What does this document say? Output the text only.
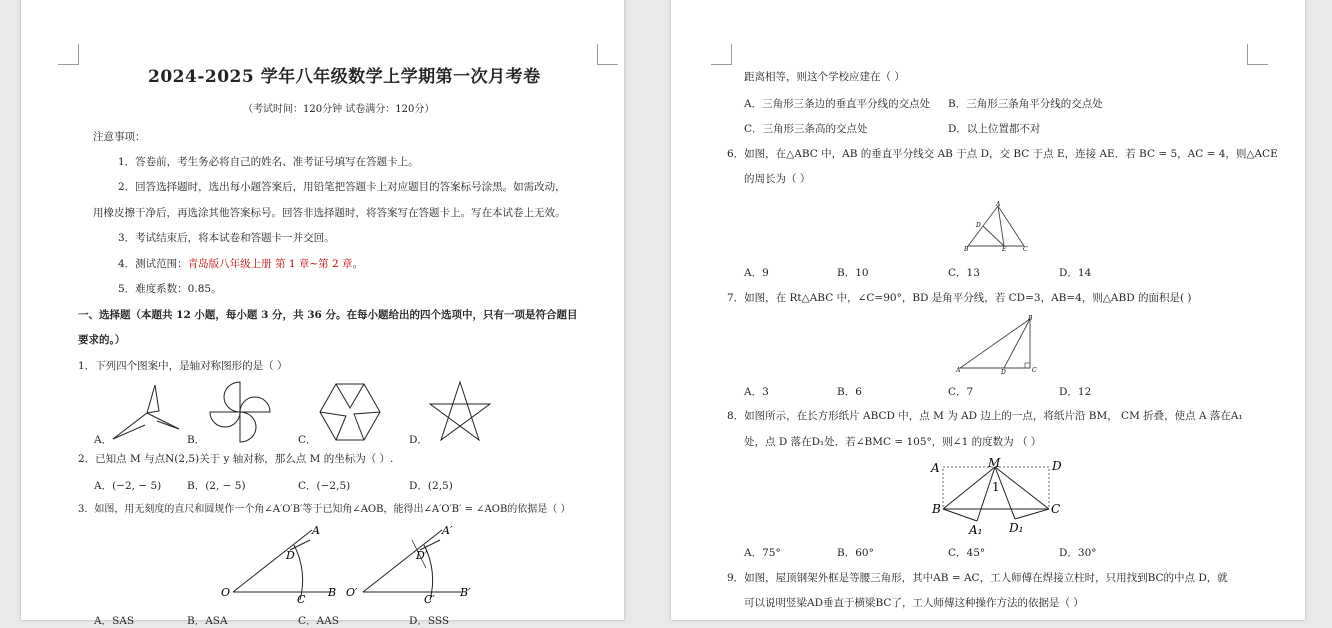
2024-2025 学年八年级数学上学期第一次月考卷
（考试时间：120分钟 试卷满分：120分）
注意事项：
1．答卷前，考生务必将自己的姓名、准考证号填写在答题卡上。
2．回答选择题时，选出每小题答案后，用铅笔把答题卡上对应题目的答案标号涂黑。如需改动，
用橡皮擦干净后，再选涂其他答案标号。回答非选择题时，将答案写在答题卡上。写在本试卷上无效。
3．考试结束后，将本试卷和答题卡一并交回。
4．测试范围：青岛版八年级上册 第 1 章~第 2 章。
5．难度系数：0.85。
一、选择题（本题共 12 小题，每小题 3 分，共 36 分。在每小题给出的四个选项中，只有一项是符合题目
要求的。）
1．下列四个图案中，是轴对称图形的是（ ）
A．	B．	C．	D．
2．已知点 M 与点N(2,5)关于 y 轴对称，那么点 M 的坐标为（ ）.
A．(−2, − 5) B．(2, − 5)	C．(−2,5)	D．(2,5)
3．如图，用无刻度的直尺和圆规作一个角∠A′O′B′等于已知角∠AOB，能得出∠A′O′B′ = ∠AOB的依据是（ ）
A
D
O
C
B
A′
D′
O′
C′
B′
A．SAS	B．ASA	C．AAS	D．SSS
距离相等，则这个学校应建在（ ）
A．三角形三条边的垂直平分线的交点处 B．三角形三条角平分线的交点处
C．三角形三条高的交点处	D．以上位置都不对
6．如图，在△ABC 中，AB 的垂直平分线交 AB 于点 D，交 BC 于点 E，连接 AE．若 BC = 5，AC = 4，则△ACE
的周长为（ ）
A
D
B	E	C
A．9	B．10	C．13	D．14
7．如图，在 Rt△ABC 中，∠C=90°，BD 是角平分线，若 CD=3，AB=4，则△ABD 的面积是( )
B
A	D	C
A．3	B．6	C．7	D．12
8．如图所示，在长方形纸片 ABCD 中，点 M 为 AD 边上的一点，将纸片沿 BM， CM 折叠，使点 A 落在A₁
处，点 D 落在D₁处．若∠BMC = 105°，则∠1 的度数为 （ ）
A	M	D
1
B	C
A₁ D₁
A．75°	B．60°	C．45°	D．30°
9．如图，屋顶钢架外框是等腰三角形，其中AB = AC，工人师傅在焊接立柱时，只用找到BC的中点 D，就
可以说明竖梁AD垂直于横梁BC了，工人师傅这种操作方法的依据是（ ）
